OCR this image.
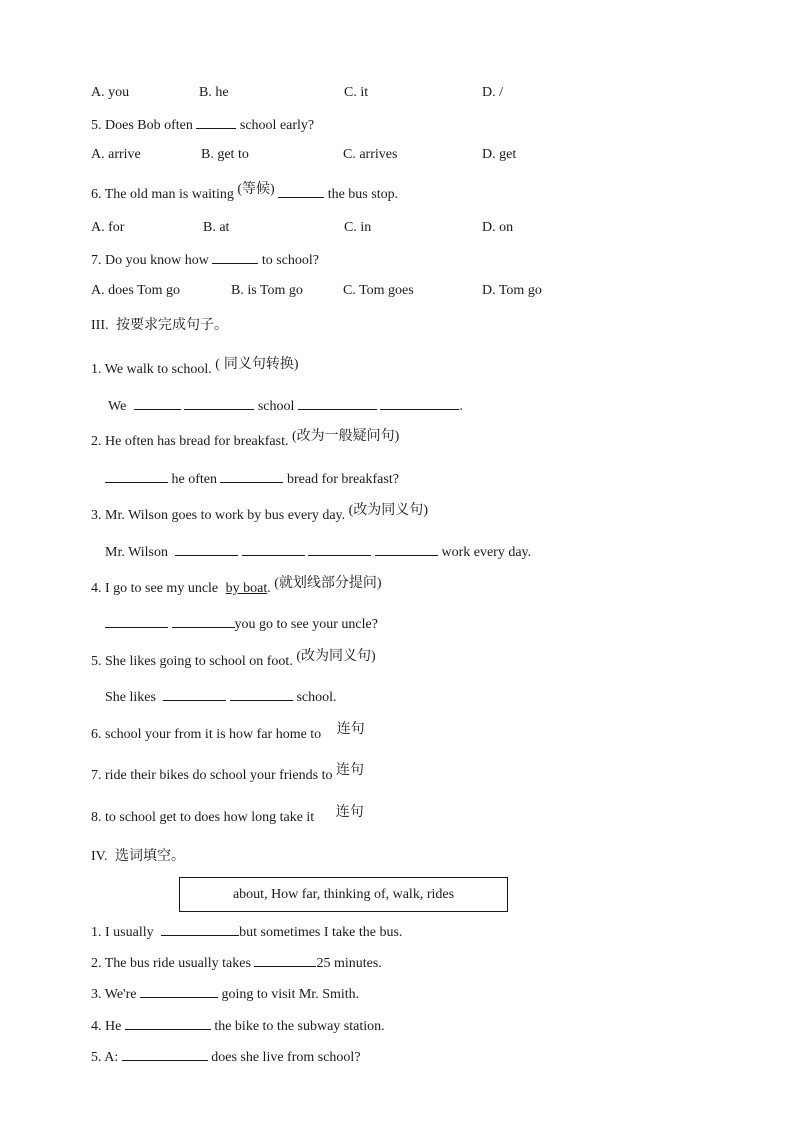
A. you	B. he	C. it	D. /
5. Does Bob often	school early?
A. arrive	B. get to	C. arrives	D. get
6. The old man is waiting (等候)	the bus stop.
A. for	B. at	C. in	D. on
7. Do you know how	to school?
A. does Tom go	B. is Tom go	C. Tom goes	D. Tom go
III. 按要求完成句子。
1. We walk to school. ( 同义句转换)
We	school	.
2. He often has bread for breakfast. (改为一般疑问句)
he often	bread for breakfast?
3. Mr. Wilson goes to work by bus every day. (改为同义句)
Mr. Wilson	work every day.
4. I go to see my uncle by boat. (就划线部分提问)
you go to see your uncle?
5. She likes going to school on foot. (改为同义句)
She likes	school.
6. school your from it is how far home to 连句
7. ride their bikes do school your friends to 连句
8. to school get to does how long take it 连句
IV. 选词填空。
about, How far, thinking of, walk, rides
1. I usually	but sometimes I take the bus.
2. The bus ride usually takes	25 minutes.
3. We're	going to visit Mr. Smith.
4. He	the bike to the subway station.
5. A:	does she live from school?
